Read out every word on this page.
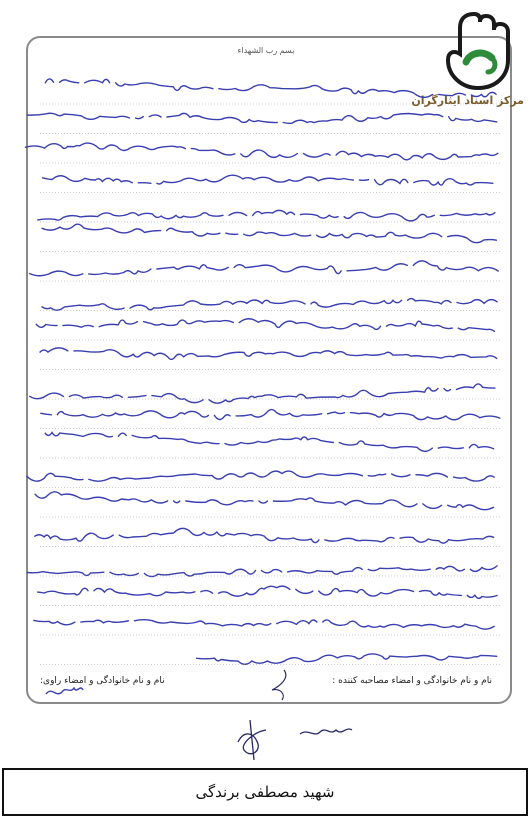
بسم رب الشهداء
مرکز اسناد ایثارگران
نام و نام خانوادگی و امضاء مصاحبه کننده :
نام و نام خانوادگی و امضاء راوی:
شهید مصطفی برندگی
